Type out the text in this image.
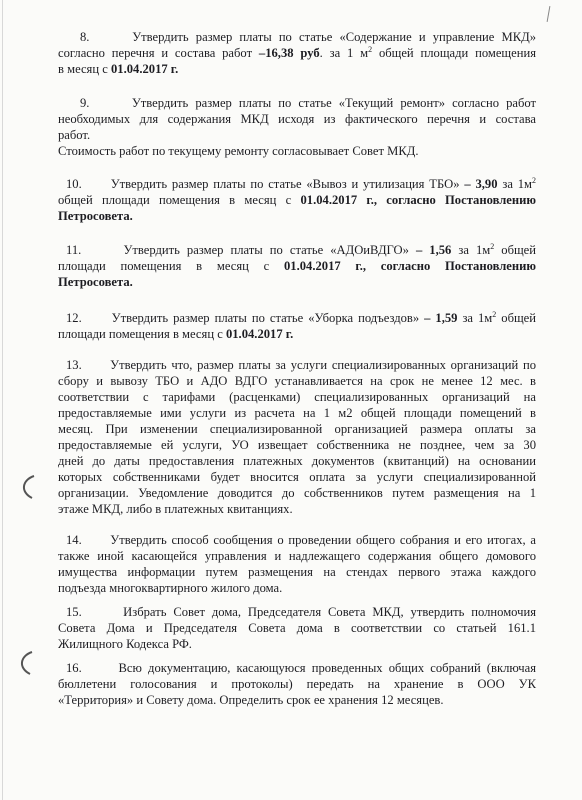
8.	Утвердить размер платы по статье «Содержание и управление МКД»
согласно перечня и состава работ –16,38 руб. за 1 $м^2$ общей площади помещения
в месяц с 01.04.2017 г.
9.	Утвердить размер платы по статье «Текущий ремонт» согласно работ
необходимых для содержания МКД исходя из фактического перечня и состава
работ.
Стоимость работ по текущему ремонту согласовывает Совет МКД.
10. Утвердить размер платы по статье «Вывоз и утилизация ТБО» – 3,90 за $1м^2$
общей площади помещения в месяц с 01.04.2017 г., согласно Постановлению
Петросовета.
11.	Утвердить размер платы по статье «АДОиВДГО» – 1,56 за $1м^2$ общей
площади помещения в месяц с 01.04.2017 г., согласно Постановлению
Петросовета.
12. Утвердить размер платы по статье «Уборка подъездов» – 1,59 за $1м^2$ общей
площади помещения в месяц с 01.04.2017 г.
13. Утвердить что, размер платы за услуги специализированных организаций по
сбору и вывозу ТБО и АДО ВДГО устанавливается на срок не менее 12 мес. в
соответствии с тарифами (расценками) специализированных организаций на
предоставляемые ими услуги из расчета на 1 м2 общей площади помещений в
месяц. При изменении специализированной организацией размера оплаты за
предоставляемые ей услуги, УО извещает собственника не позднее, чем за 30
дней до даты предоставления платежных документов (квитанций) на основании
которых собственниками будет вносится оплата за услуги специализированной
организации. Уведомление доводится до собственников путем размещения на 1
этаже МКД, либо в платежных квитанциях.
14. Утвердить способ сообщения о проведении общего собрания и его итогах, а
также иной касающейся управления и надлежащего содержания общего домового
имущества информации путем размещения на стендах первого этажа каждого
подъезда многоквартирного жилого дома.
15.	Избрать Совет дома, Председателя Совета МКД, утвердить полномочия
Совета Дома и Председателя Совета дома в соответствии со статьей 161.1
Жилищного Кодекса РФ.
16.	Всю документацию, касающуюся проведенных общих собраний (включая
бюллетени голосования и протоколы) передать на хранение в ООО УК
«Территория» и Совету дома. Определить срок ее хранения 12 месяцев.
